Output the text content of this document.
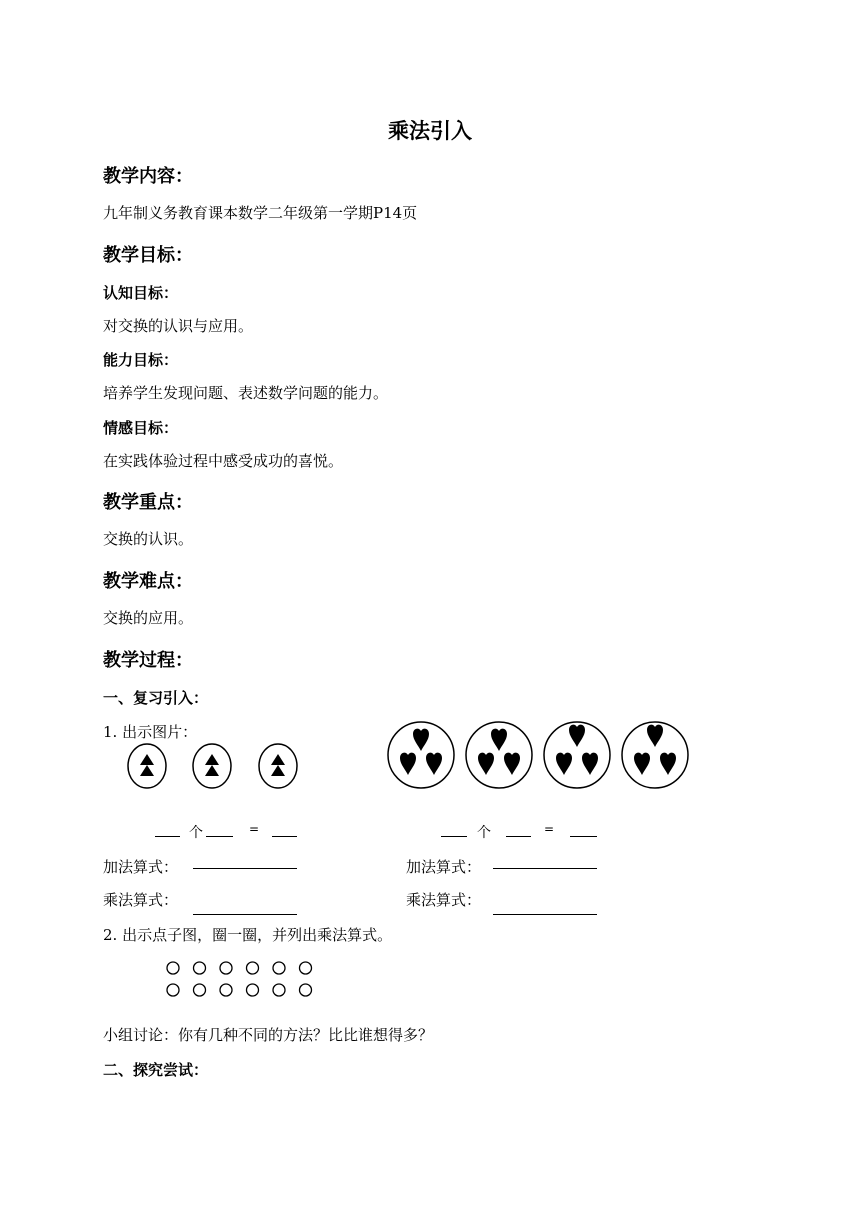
乘法引入
教学内容：
九年制义务教育课本数学二年级第一学期P14页
教学目标：
认知目标：
对交换的认识与应用。
能力目标：
培养学生发现问题、表述数学问题的能力。
情感目标：
在实践体验过程中感受成功的喜悦。
教学重点：
交换的认识。
教学难点：
交换的应用。
教学过程：
一、复习引入：
1. 出示图片：
个	=	个	=
加法算式：	加法算式：
乘法算式：	乘法算式：
2. 出示点子图，圈一圈，并列出乘法算式。
小组讨论：你有几种不同的方法？比比谁想得多？
二、探究尝试：
